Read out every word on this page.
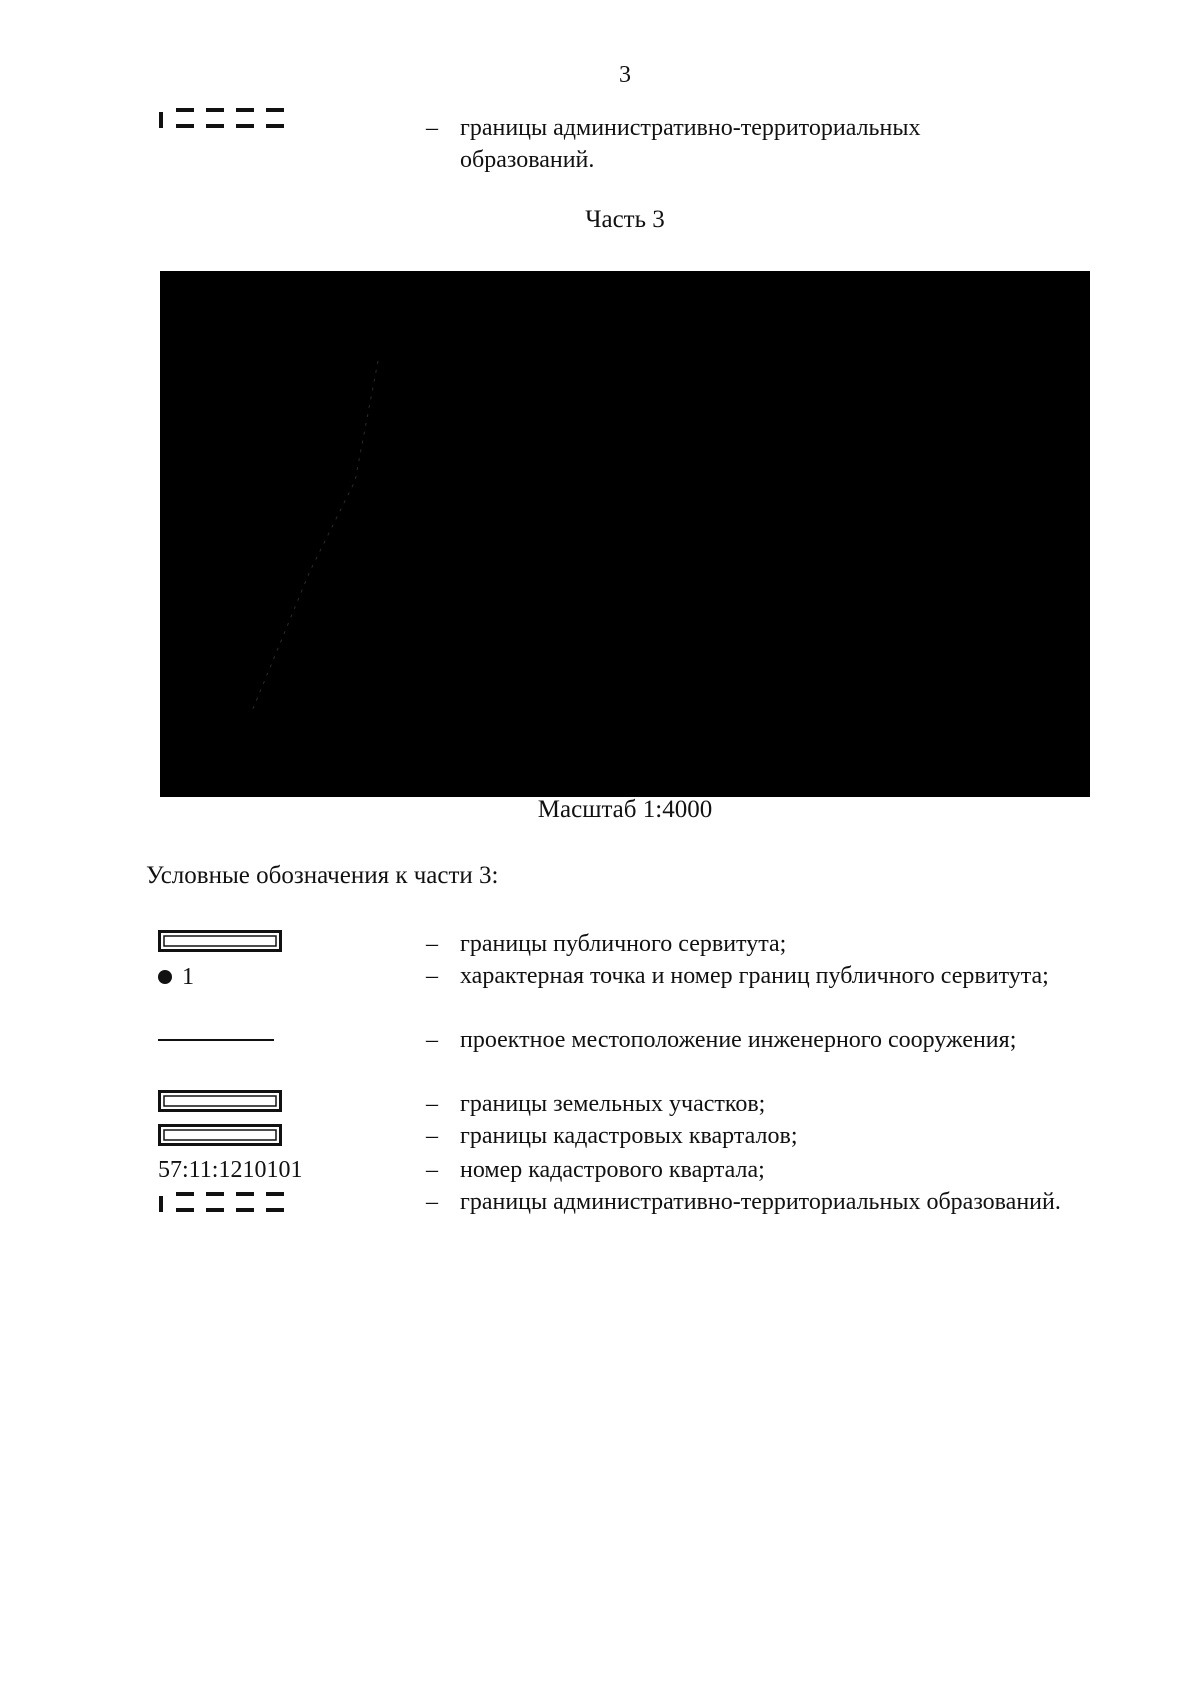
3
– границы административно-территориальных образований.
Часть 3
Масштаб 1:4000
Условные обозначения к части 3:
– границы публичного сервитута;
1	– характерная точка и номер границ публичного сервитута;
– проектное местоположение инженерного сооружения;
– границы земельных участков;
– границы кадастровых кварталов;
57:11:1210101	– номер кадастрового квартала;
– границы административно-территориальных образований.
